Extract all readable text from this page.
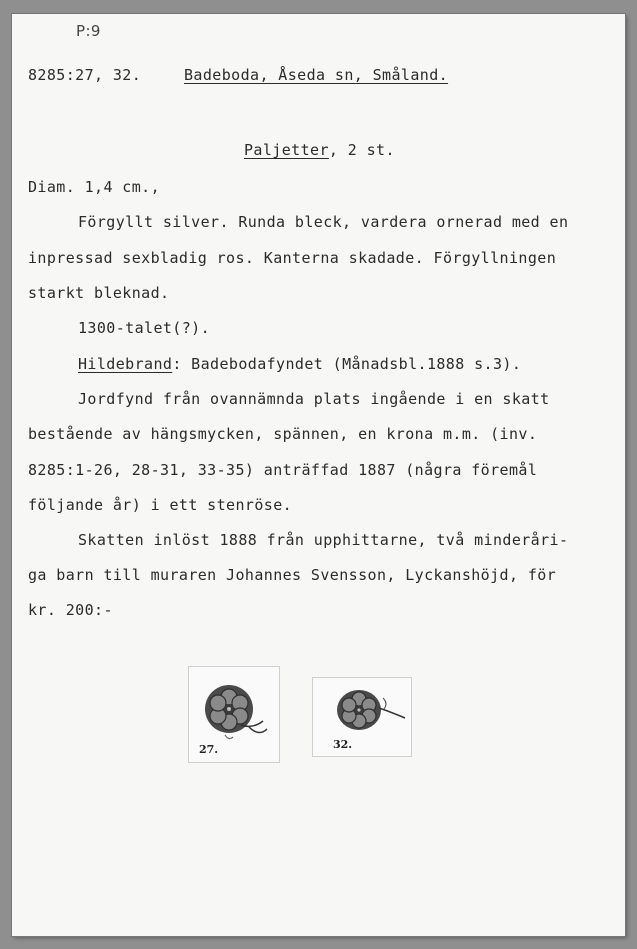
P:9
8285:27, 32.	Badeboda, Åseda sn, Småland.
Paljetter, 2 st.
Diam. 1,4 cm.,
Förgyllt silver. Runda bleck, vardera ornerad med en
inpressad sexbladig ros. Kanterna skadade. Förgyllningen
starkt bleknad.
1300-talet(?).
Hildebrand: Badebodafyndet (Månadsbl.1888 s.3).
Jordfynd från ovannämnda plats ingående i en skatt
bestående av hängsmycken, spännen, en krona m.m. (inv.
8285:1-26, 28-31, 33-35) anträffad 1887 (några föremål
följande år) i ett stenröse.
Skatten inlöst 1888 från upphittarne, två minderåri-
ga barn till muraren Johannes Svensson, Lyckanshöjd, för
kr. 200:-
27.	32.
